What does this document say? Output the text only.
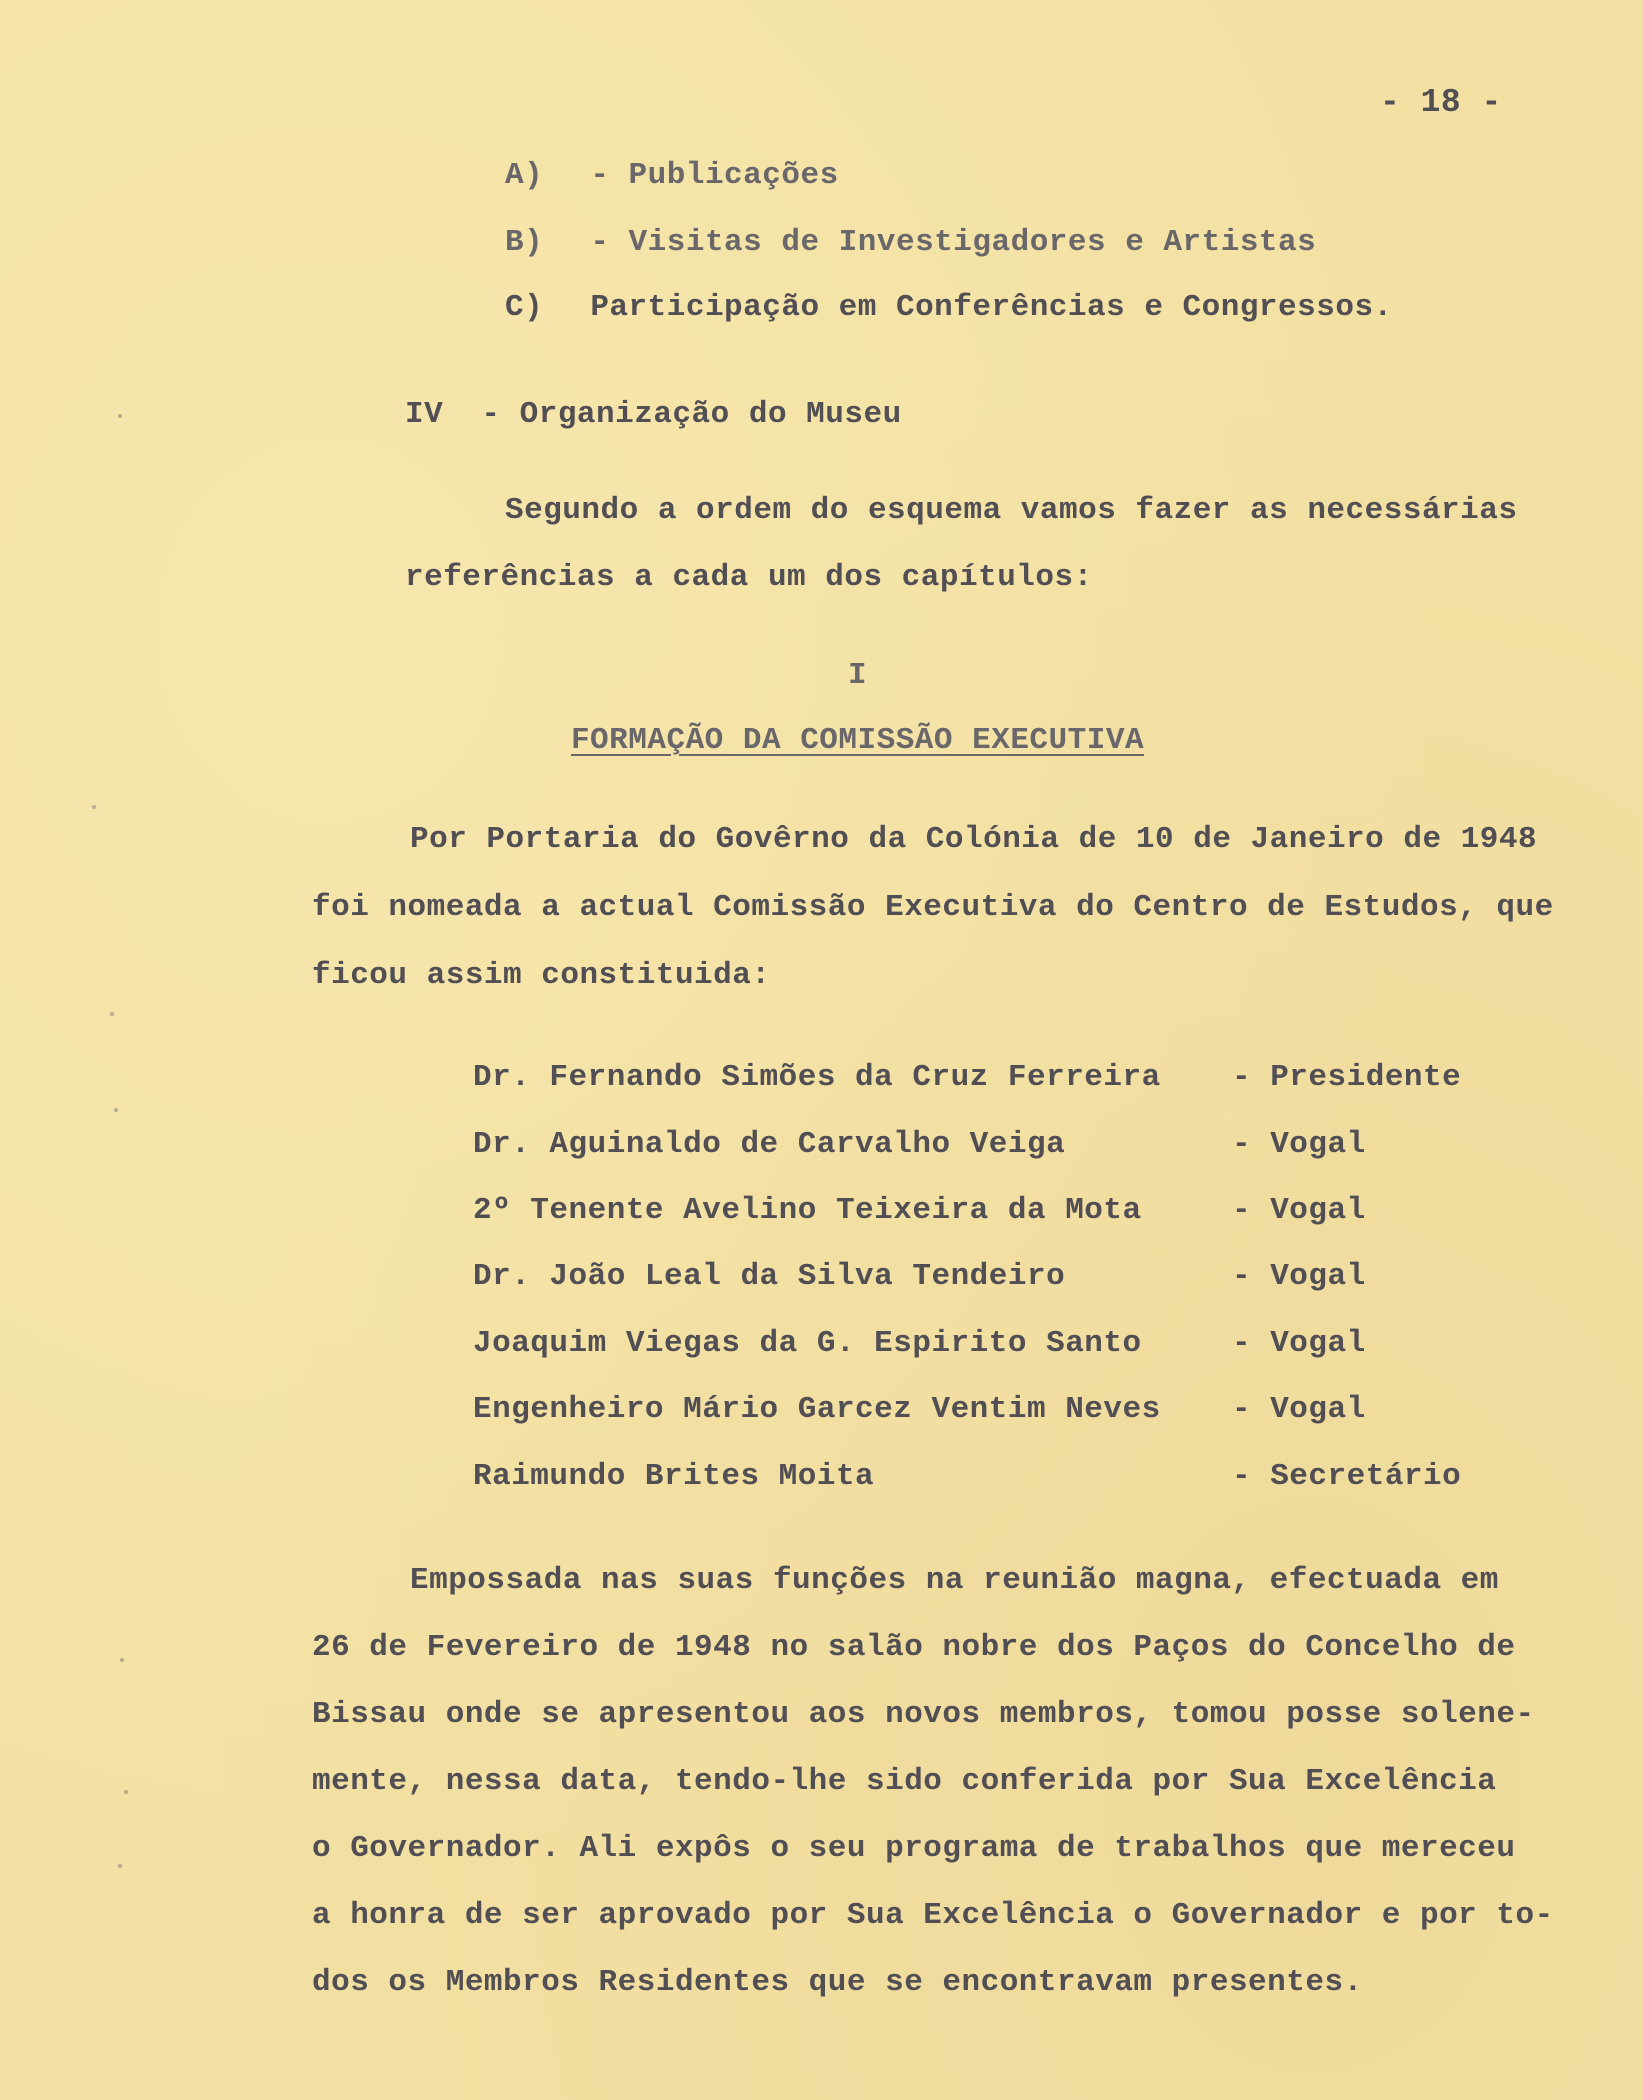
- 18 -
A) - Publicações
B) - Visitas de Investigadores e Artistas
C) Participação em Conferências e Congressos.
IV  - Organização do Museu
Segundo a ordem do esquema vamos fazer as necessárias
referências a cada um dos capítulos:
I
FORMAÇÃO DA COMISSÃO EXECUTIVA
Por Portaria do Govêrno da Colónia de 10 de Janeiro de 1948
foi nomeada a actual Comissão Executiva do Centro de Estudos, que
ficou assim constituida:
Dr. Fernando Simões da Cruz Ferreira - Presidente
Dr. Aguinaldo de Carvalho Veiga	- Vogal
2º Tenente Avelino Teixeira da Mota	- Vogal
Dr. João Leal da Silva Tendeiro	- Vogal
Joaquim Viegas da G. Espirito Santo	- Vogal
Engenheiro Mário Garcez Ventim Neves - Vogal
Raimundo Brites Moita	- Secretário
Empossada nas suas funções na reunião magna, efectuada em
26 de Fevereiro de 1948 no salão nobre dos Paços do Concelho de
Bissau onde se apresentou aos novos membros, tomou posse solene-
mente, nessa data, tendo-lhe sido conferida por Sua Excelência
o Governador. Ali expôs o seu programa de trabalhos que mereceu
a honra de ser aprovado por Sua Excelência o Governador e por to-
dos os Membros Residentes que se encontravam presentes.
